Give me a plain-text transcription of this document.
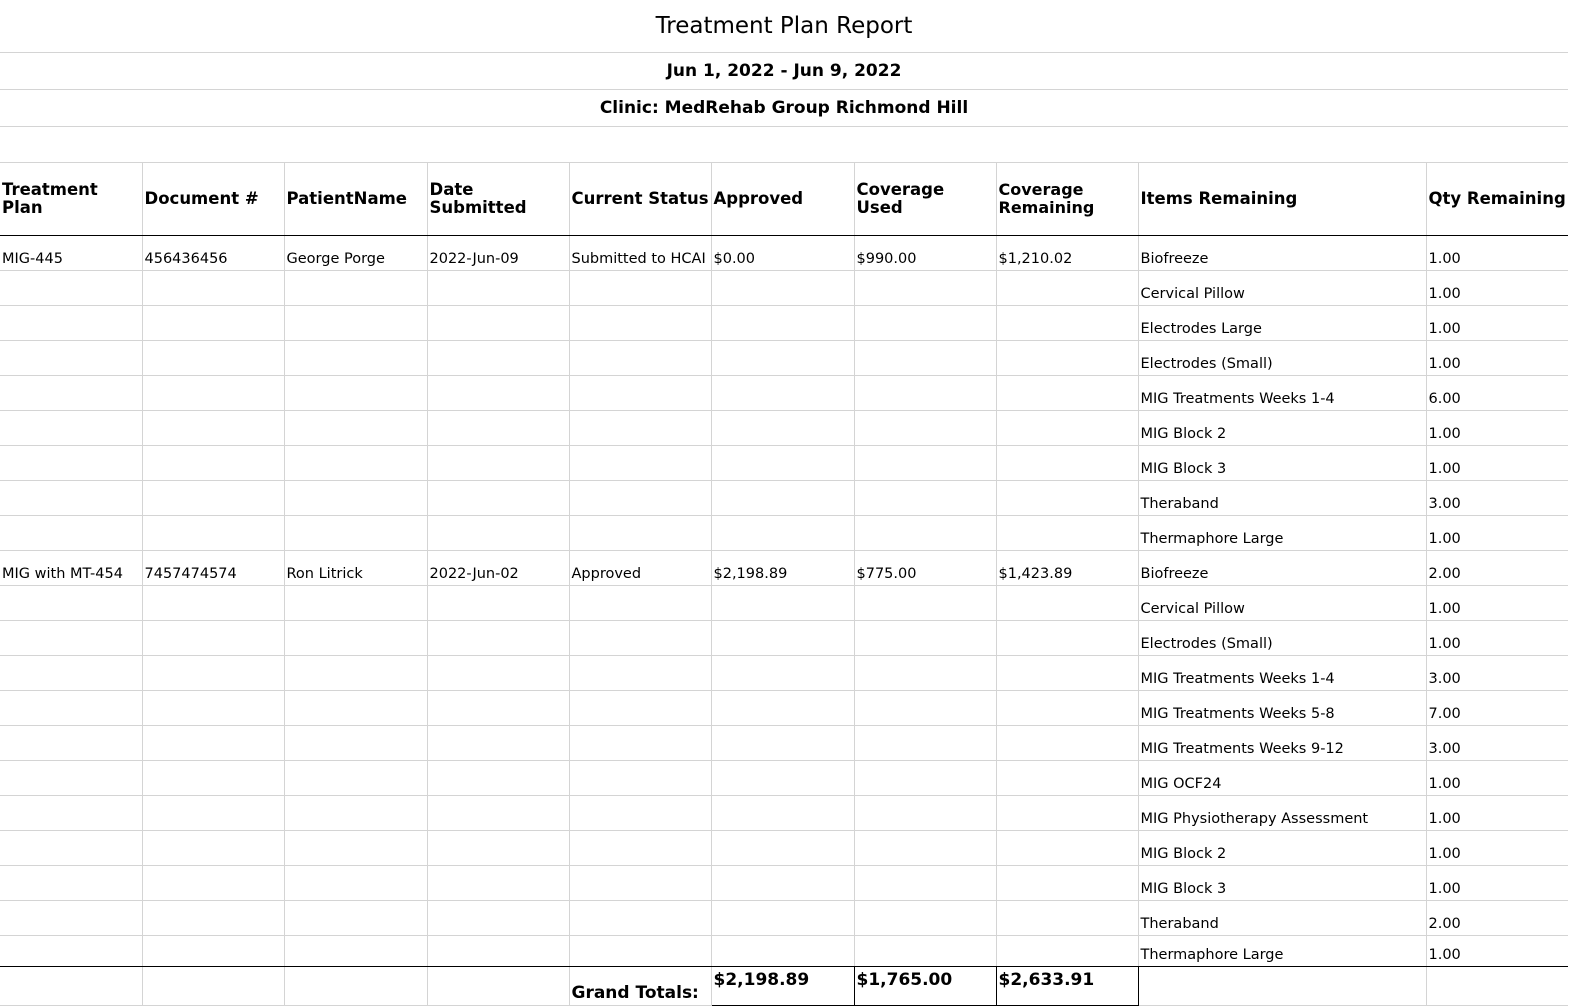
Treatment Plan Report
Jun 1, 2022 - Jun 9, 2022
Clinic: MedRehab Group Richmond Hill
Treatment Plan	Document #	PatientName	Date Submitted	Current Status	Approved	Coverage Used	Coverage Remaining	Items Remaining	Qty Remaining
MIG-445	456436456	George Porge	2022-Jun-09	Submitted to HCAI	$0.00	$990.00	$1,210.02	Biofreeze	1.00
								Cervical Pillow	1.00
								Electrodes Large	1.00
								Electrodes (Small)	1.00
								MIG Treatments Weeks 1-4	6.00
								MIG Block 2	1.00
								MIG Block 3	1.00
								Theraband	3.00
								Thermaphore Large	1.00
MIG with MT-454	7457474574	Ron Litrick	2022-Jun-02	Approved	$2,198.89	$775.00	$1,423.89	Biofreeze	2.00
								Cervical Pillow	1.00
								Electrodes (Small)	1.00
								MIG Treatments Weeks 1-4	3.00
								MIG Treatments Weeks 5-8	7.00
								MIG Treatments Weeks 9-12	3.00
								MIG OCF24	1.00
								MIG Physiotherapy Assessment	1.00
								MIG Block 2	1.00
								MIG Block 3	1.00
								Theraband	2.00
								Thermaphore Large	1.00
				Grand Totals:	$2,198.89	$1,765.00	$2,633.91		
